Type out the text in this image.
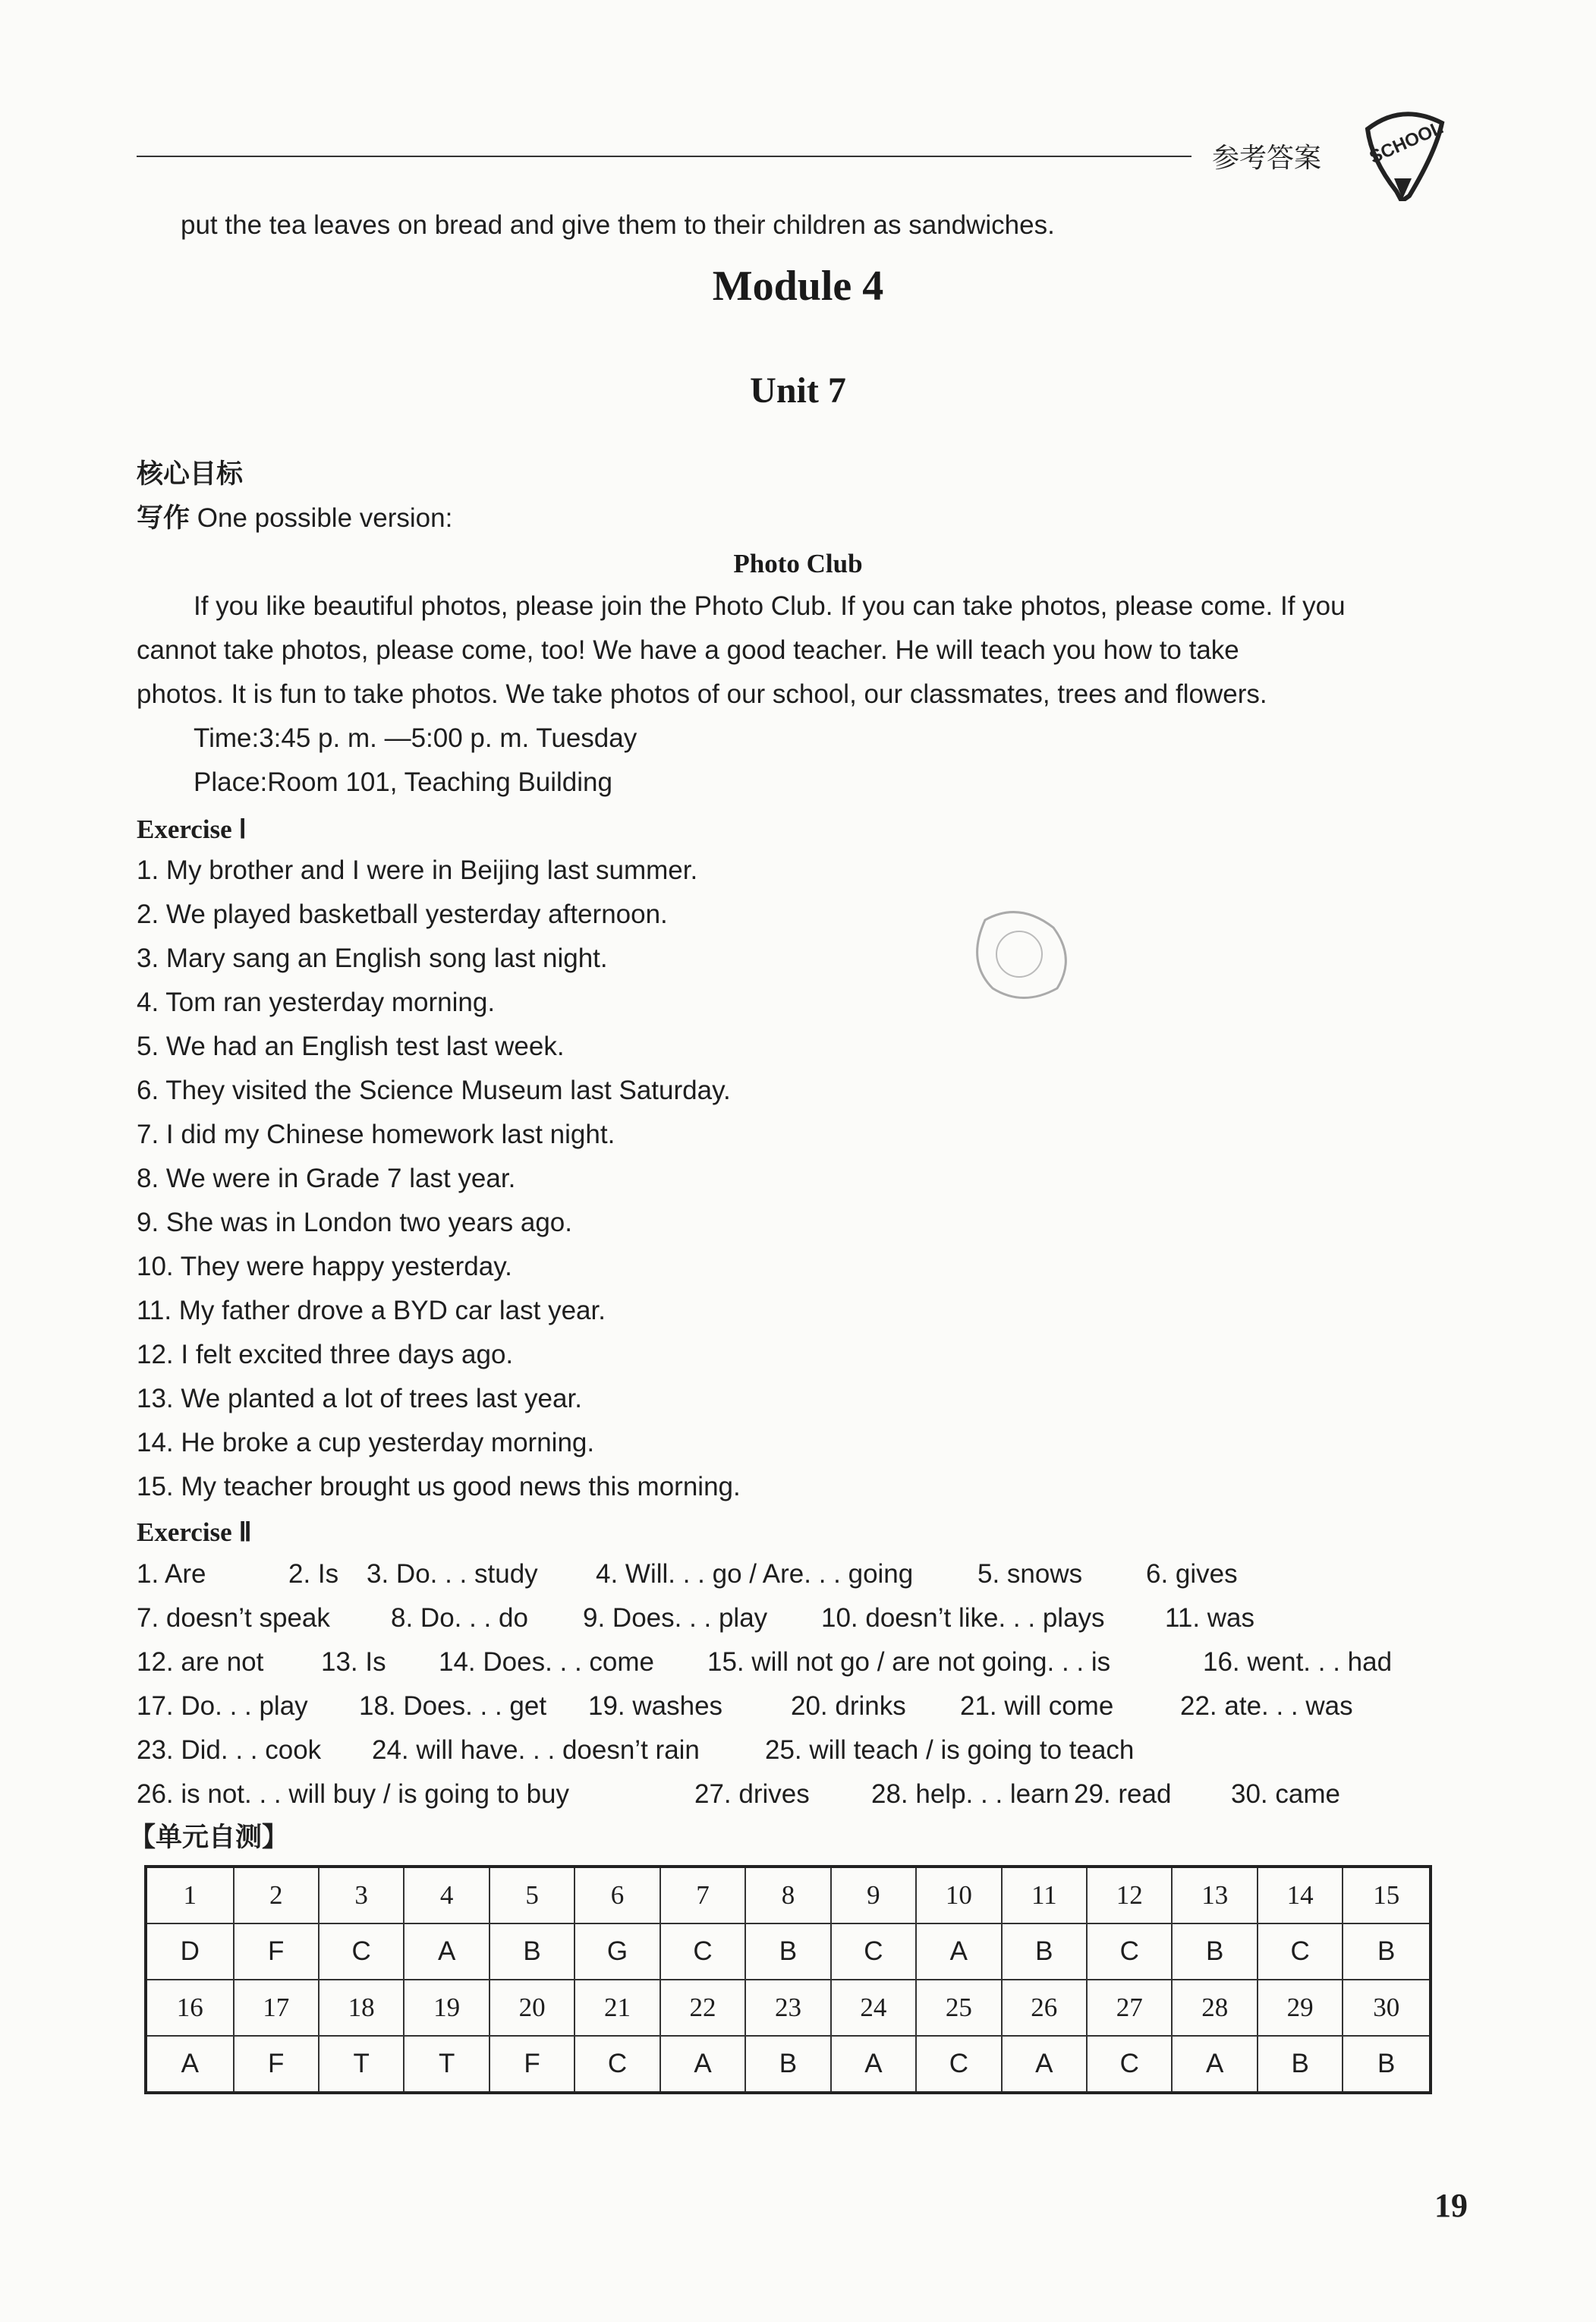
参考答案 SCHOOL
put the tea leaves on bread and give them to their children as sandwiches.
Module 4
Unit 7
核心目标
写作 One possible version:
Photo Club
If you like beautiful photos, please join the Photo Club. If you can take photos, please come. If you
cannot take photos, please come, too! We have a good teacher. He will teach you how to take
photos. It is fun to take photos. We take photos of our school, our classmates, trees and flowers.
Time:3:45 p. m. —5:00 p. m. Tuesday
Place:Room 101, Teaching Building
Exercise Ⅰ
1. My brother and I were in Beijing last summer.
2. We played basketball yesterday afternoon.
3. Mary sang an English song last night.
4. Tom ran yesterday morning.
5. We had an English test last week.
6. They visited the Science Museum last Saturday.
7. I did my Chinese homework last night.
8. We were in Grade 7 last year.
9. She was in London two years ago.
10. They were happy yesterday.
11. My father drove a BYD car last year.
12. I felt excited three days ago.
13. We planted a lot of trees last year.
14. He broke a cup yesterday morning.
15. My teacher brought us good news this morning.
Exercise Ⅱ
1. Are	2. Is 3. Do. . . study 4. Will. . . go / Are. . . going 5. snows 6. gives
7. doesn’t speak 8. Do. . . do 9. Does. . . play 10. doesn’t like. . . plays 11. was
12. are not 13. Is 14. Does. . . come 15. will not go / are not going. . . is	16. went. . . had
17. Do. . . play 18. Does. . . get 19. washes	20. drinks 21. will come	22. ate. . . was
23. Did. . . cook 24. will have. . . doesn’t rain 25. will teach / is going to teach
26. is not. . . will buy / is going to buy	27. drives 28. help. . . learn 29. read 30. came
【单元自测】
1	2	3	4	5	6	7	8	9	10	11	12	13	14	15
D	F	C	A	B	G	C	B	C	A	B	C	B	C	B
16	17	18	19	20	21	22	23	24	25	26	27	28	29	30
A	F	T	T	F	C	A	B	A	C	A	C	A	B	B
19
